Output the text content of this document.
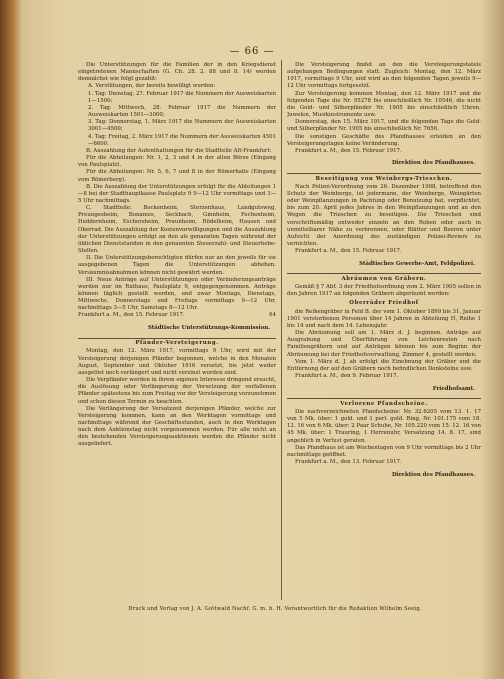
— 66 —

Die Unterstützungen für die Familien der in den Kriegsdienst eingetretenen Mannschaften (G. Ch. 28. 2. 88 und 8. 14) werden demnächst wie folgt gezahlt:

A. Verstütungen, der bereits bewilligt wurden:

1. Tag: Dienstag, 27. Februar 1917 die Nummern der Ausweiskarten 1—1500;

2. Tag: Mittwoch, 28. Februar 1917 die Nummern der Ausweiskarten 1501—3000;

3. Tag: Donnerstag, 1. März 1917 die Nummern der Ausweiskarten 3001—4500;

4. Tag: Freitag, 2. März 1917 die Nummern der Ausweiskarten 4501—6600.

B. Auszahlung der Aufenthaltungen für die Stadtteile Alt-Frankfurt:

Für die Abteilungen: Nr. 1, 2, 3 und 4 in der alten Börse (Eingang von Paulsplatz).

Für die Abteilungen: Nr. 5, 6, 7 und 8 in der Römerhalle (Eingang vom Römerberg).

B. Die Auszahlung der Unterstützungen erfolgt für die Abteilungen 1—8 bei der Stadthauptkasse Paulsplatz 9 9—12 Uhr vormittags und 3—5 Uhr nachmittags.

C. Stadtteile: Bockenheim, Sterzenhaus, Landgutsweg, Preungesheim, Bonames, Seckbach, Ginnheim, Fechenheim, Heddernheim, Eschersheim, Praunheim, Rödelheim, Hausen und Oberrad. Die Auszahlung der Kostenvorwilligungen und die Auszahlung der Unterstützungen erfolgt an den als genannten Tagen während der üblichen Dienststunden in den genannten Steuerzahl- und Steuerhebe-Stellen.

II. Die Unterstützungsberechtigten dürfen nur an den jeweils für sie ausgegebenen Tagen die Unterstützungen abheben. Versäumnisabnahmen können nicht gewährt werden.

III. Neue Anträge auf Unterstützungen oder Veränderungsanträge werden nur im Rathaus, Paulsplatz 9, entgegengenommen. Anträge können täglich gestellt werden, und zwar Montags, Dienstags, Mittwochs, Donnerstags und Freitags vormittags 9—12 Uhr, nachmittags 3—5 Uhr, Samstags 8—12 Uhr.

Frankfurt a. M., den 15. Februar 1917.	64

Städtische Unterstützungs-Kommission.

Pfänder-Versteigerung.

Montag, den 12. März 1917, vormittags 9 Uhr, wird mit der Versteigerung derjenigen Pfänder begonnen, welche in den Monaten August, September und Oktober 1916 versetzt, bis jetzt weder ausgelöst noch verlängert und nicht verzinst worden sind.

Die Verpfänder werden in ihrem eigenen Interesse dringend ersucht, die Auslösung oder Verlängerung der Versetzung der verfallenen Pfänder spätestens bis zum Freitag vor der Versteigerung vorzunehmen und schon diesen Termin zu beachten.

Die Verlängerung der Versatzzeit derjenigen Pfänder, welche zur Versteigerung kommen, kann an den Werktagen vormittags und nachmittags während der Geschäftsstunden, auch in den Werktagen nach dem Auktionstag nicht vorgenommen werden. Für alle nicht an den bestehenden Versteigerungsauktionen werden die Pfänder nicht ausgeliefert.

Die Versteigerung findet an den die Versteigerungstatels aufgehangen Bedingungen statt. Zugleich: Montag, den 12. März 1917, vormittags 9 Uhr, und wird an den folgenden Tagen jeweils 9—12 Uhr vormittags fortgesetzt.

Zur Versteigerung kommen Montag, den 12. März 1917 und die folgenden Tage die Nr. 95278 bis einschließlich Nr. 10546, die nicht die Gold- und Silberpfänder Nr. 1905 bis einschließlich Uhren, Juwelen, Musikinstrumente usw.

Donnerstag, den 15. März 1917, und die folgenden Tage die Gold- und Silberpfänder Nr. 1905 bis einschließlich Nr. 7656.

Die sonstigen Geschäfte des Pfandhauses erleiden an den Versteigerungstagen keine Veränderung.

Frankfurt a. M., den 15. Februar 1917.

Direktion des Pfandhauses.

Beseitigung von Weinbergs-Trieschen.

Nach Polizei-Verordnung vom 26. Dezember 1908, betreffend den Schutz der Weinberge, ist jedermann, der Weinberge, Weingärten oder Weinpflanzungen in Pachtung oder Benutzung hat, verpflichtet, bis zum 20. April jedes Jahres in den Weinpflanzungen und an den Wegen die Trieschen zu beseitigen. Die Trieschen sind vorschriftsmäßig entweder einzeln an den Reben oder auch in unmittelbarer Nähe zu verbrennen, oder Blätter und Beeren unter Aufsicht der Anordnung des zuständigen Polizei-Reviers zu vernichten.

Frankfurt a. M., den 15. Februar 1917.

Städtisches Gewerbe-Amt, Feldpolizei.

Abräumen von Gräbern.

Gemäß § 7 Abf. 3 der Friedhofsordnung vom 2. März 1905 sollen in den Jahren 1917 an folgenden Gräbern abgeräumt werden:

Oberräder Friedhof

die Reihengräber in Feld B. der vom 1. Oktober 1899 bis 31. Januar 1901 verstorbenen Personen über 14 Jahren in Abteilung H, Reihe 1 bis 14 und nach dem 14. Lebensjahr.

Die Abräumung soll am 1. März d. J. beginnen. Anträge auf Ausgrabung und Überführung von Leichenresten nach Familiengräbern und auf Anträgen können bis zum Beginn der Abräumung bei der Friedhofsverwaltung, Zimmer 4, gestellt werden.

Vom 1. März d. J. ab erfolgt die Einebnung der Gräber und die Entfernung der auf den Gräbern noch befindlichen Denksteine usw.

Frankfurt a. M., den 9. Februar 1917.

Friedhofsamt.

Verlorene Pfandscheine.

Die nachverzeichneten Pfandscheine: Nr. 32.6205 vom 13. 1. 17 von 5 Mk. über: 1 gold. und 1 perl. gold. Ring, Nr. 101.175 vom 18. 12. 16 von 6 Mk. über: 2 Paar Schuhe, Nr. 105.220 vom 15. 12. 16 von 45 Mk. über: 1 Trauring, 1 Herrenuhr, Versatzung 14. 8. 17, sind angeblich in Verlust geraten.

Das Pfandhaus ist am Wochentagen von 9 Uhr vormittags bis 2 Uhr nachmittags geöffnet.

Frankfurt a. M., den 13. Februar 1917.

Direktion des Pfandhauses.

Druck und Verlag von J. A. Gottwald Nachf. G. m. b. H. Verantwortlich für die Redaktion Wilhelm Seeig.
